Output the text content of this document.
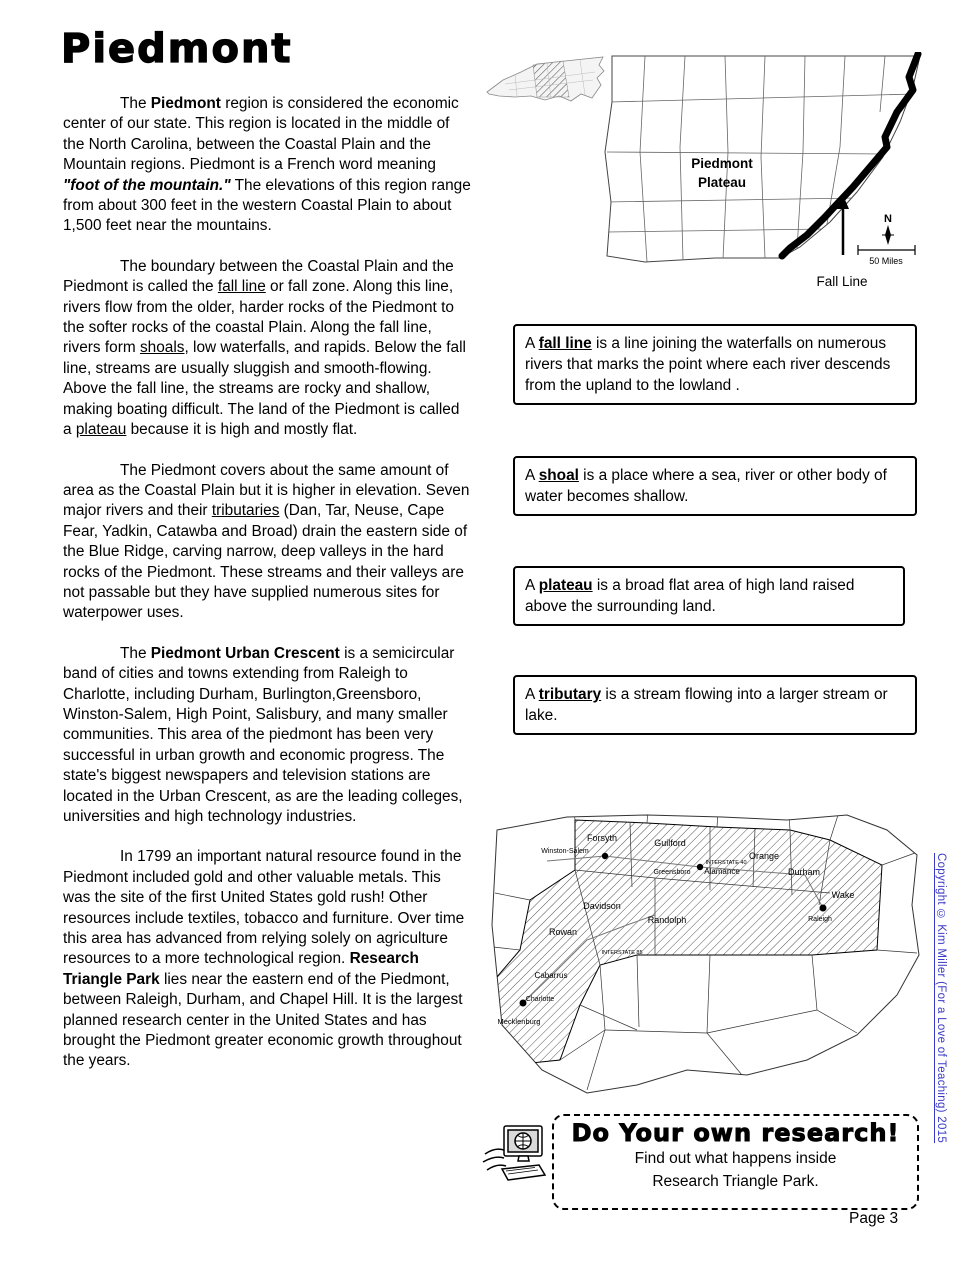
Piedmont

The Piedmont region is considered the economic center of our state. This region is located in the middle of the North Carolina, between the Coastal Plain and the Mountain regions. Piedmont is a French word meaning "foot of the mountain." The elevations of this region range from about 300 feet in the western Coastal Plain to about 1,500 feet near the mountains.

The boundary between the Coastal Plain and the Piedmont is called the fall line or fall zone. Along this line, rivers flow from the older, harder rocks of the Piedmont to the softer rocks of the coastal Plain. Along the fall line, rivers form shoals, low waterfalls, and rapids. Below the fall line, streams are usually sluggish and smooth-flowing. Above the fall line, the streams are rocky and shallow, making boating difficult. The land of the Piedmont is called a plateau because it is high and mostly flat.

The Piedmont covers about the same amount of area as the Coastal Plain but it is higher in elevation. Seven major rivers and their tributaries (Dan, Tar, Neuse, Cape Fear, Yadkin, Catawba and Broad) drain the eastern side of the Blue Ridge, carving narrow, deep valleys in the hard rocks of the Piedmont. These streams and their valleys are not passable but they have supplied numerous sites for waterpower uses.

The Piedmont Urban Crescent is a semicircular band of cities and towns extending from Raleigh to Charlotte, including Durham, Burlington,Greensboro, Winston-Salem, High Point, Salisbury, and many smaller communities. This area of the piedmont has been very successful in urban growth and economic progress. The state's biggest newspapers and television stations are located in the Urban Crescent, as are the leading colleges, universities and high technology industries.

In 1799 an important natural resource found in the Piedmont included gold and other valuable metals. This was the site of the first United States gold rush! Other resources include textiles, tobacco and furniture. Over time this area has advanced from relying solely on agriculture resources to a more technological region. Research Triangle Park lies near the eastern end of the Piedmont, between Raleigh, Durham, and Chapel Hill. It is the largest planned research center in the United States and has brought the Piedmont greater economic growth throughout the years.

Piedmont
Plateau
N
50 Miles
Fall Line
A fall line is a line joining the waterfalls on numerous rivers that marks the point where each river descends from the upland to the lowland .
A shoal is a place where a sea, river or other body of water becomes shallow.
A plateau is a broad flat area of high land raised above the surrounding land.
A tributary is a stream flowing into a larger stream or lake.
Forsyth	Guilford
Orange
Alamance	Durham
Wake
Davidson
Randolph
Rowan
Cabarrus
Mecklenburg
Winston-Salem
Greensboro
Raleigh
Charlotte
INTERSTATE 40
INTERSTATE 85
Do Your own research!
Find out what happens inside
Research Triangle Park.
Copyright © Kim Miller (For a Love of Teaching) 2015
Page 3
